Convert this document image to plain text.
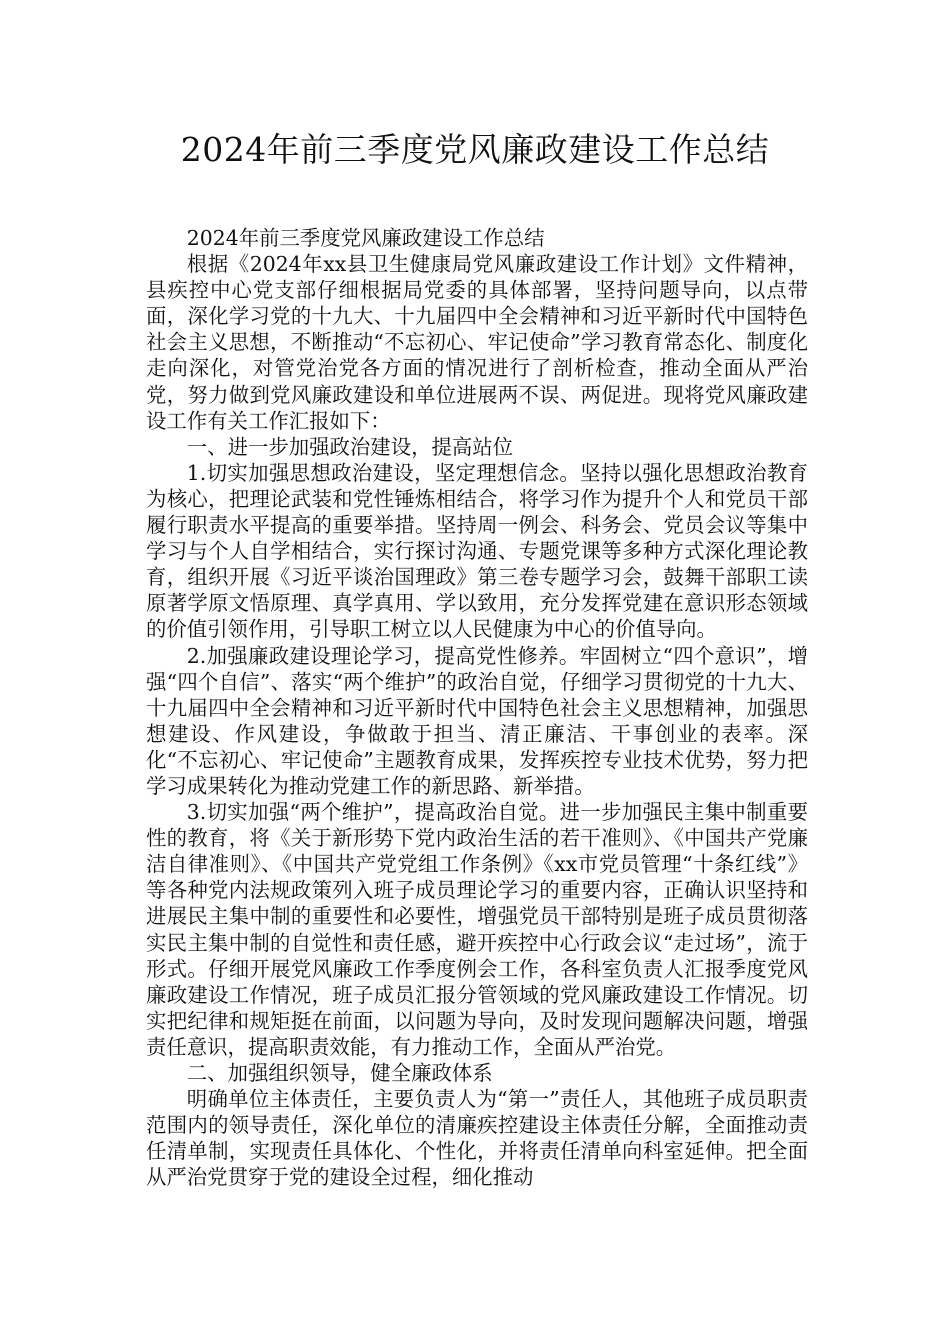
2024年前三季度党风廉政建设工作总结

2024年前三季度党风廉政建设工作总结

根据《2024年xx县卫生健康局党风廉政建设工作计划》文件精神，县疾控中心党支部仔细根据局党委的具体部署，坚持问题导向，以点带面，深化学习党的十九大、十九届四中全会精神和习近平新时代中国特色社会主义思想，不断推动“不忘初心、牢记使命”学习教育常态化、制度化走向深化，对管党治党各方面的情况进行了剖析检查，推动全面从严治党，努力做到党风廉政建设和单位进展两不误、两促进。现将党风廉政建设工作有关工作汇报如下：

一、进一步加强政治建设，提高站位

1.切实加强思想政治建设，坚定理想信念。坚持以强化思想政治教育为核心，把理论武装和党性锤炼相结合，将学习作为提升个人和党员干部履行职责水平提高的重要举措。坚持周一例会、科务会、党员会议等集中学习与个人自学相结合，实行探讨沟通、专题党课等多种方式深化理论教育，组织开展《习近平谈治国理政》第三卷专题学习会，鼓舞干部职工读原著学原文悟原理、真学真用、学以致用，充分发挥党建在意识形态领域的价值引领作用，引导职工树立以人民健康为中心的价值导向。

2.加强廉政建设理论学习，提高党性修养。牢固树立“四个意识”，增强“四个自信”、落实“两个维护”的政治自觉，仔细学习贯彻党的十九大、十九届四中全会精神和习近平新时代中国特色社会主义思想精神，加强思想建设、作风建设，争做敢于担当、清正廉洁、干事创业的表率。深化“不忘初心、牢记使命”主题教育成果，发挥疾控专业技术优势，努力把学习成果转化为推动党建工作的新思路、新举措。

3.切实加强“两个维护”，提高政治自觉。进一步加强民主集中制重要性的教育，将《关于新形势下党内政治生活的若干准则》、《中国共产党廉洁自律准则》、《中国共产党党组工作条例》《xx市党员管理“十条红线”》等各种党内法规政策列入班子成员理论学习的重要内容，正确认识坚持和进展民主集中制的重要性和必要性，增强党员干部特别是班子成员贯彻落实民主集中制的自觉性和责任感，避开疾控中心行政会议“走过场”，流于形式。仔细开展党风廉政工作季度例会工作，各科室负责人汇报季度党风廉政建设工作情况，班子成员汇报分管领域的党风廉政建设工作情况。切实把纪律和规矩挺在前面，以问题为导向，及时发现问题解决问题，增强责任意识，提高职责效能，有力推动工作，全面从严治党。

二、加强组织领导，健全廉政体系

明确单位主体责任，主要负责人为“第一”责任人，其他班子成员职责范围内的领导责任，深化单位的清廉疾控建设主体责任分解，全面推动责任清单制，实现责任具体化、个性化，并将责任清单向科室延伸。把全面从严治党贯穿于党的建设全过程，细化推动
